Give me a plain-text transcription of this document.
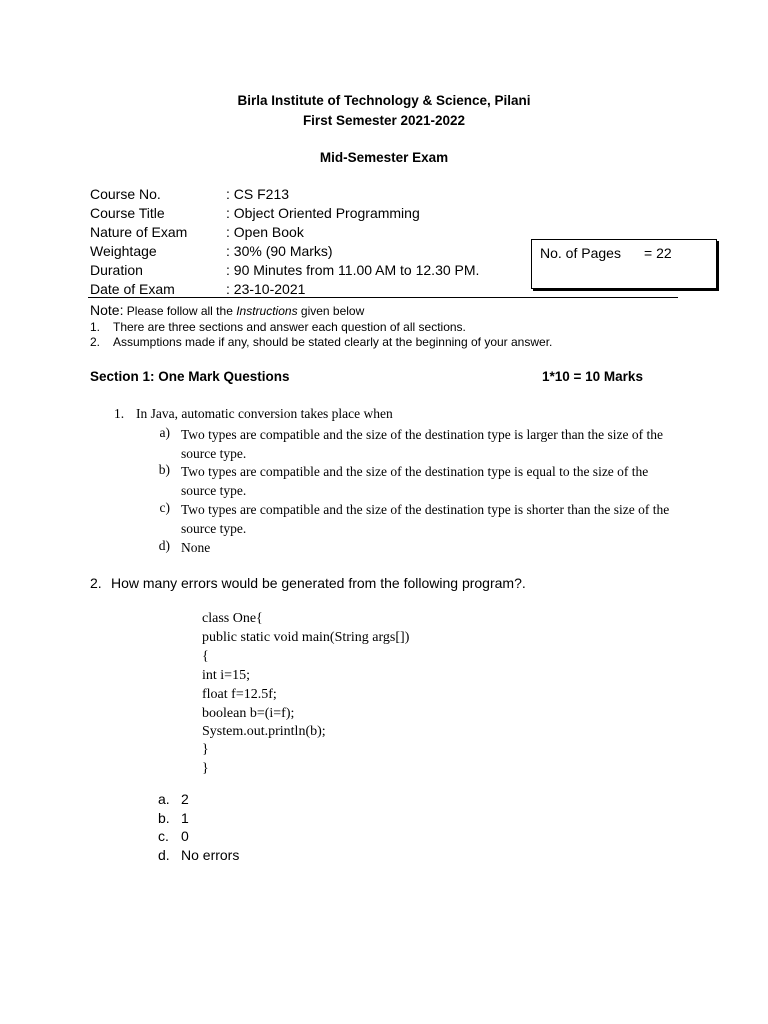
Birla Institute of Technology & Science, Pilani
First Semester 2021-2022
Mid-Semester Exam
Course No.	: CS F213
Course Title	: Object Oriented Programming
Nature of Exam	: Open Book
Weightage	: 30% (90 Marks)
Duration	: 90 Minutes from 11.00 AM to 12.30 PM.
Date of Exam	: 23-10-2021
No. of Pages = 22
Note: Please follow all the Instructions given below
1. There are three sections and answer each question of all sections.
2. Assumptions made if any, should be stated clearly at the beginning of your answer.
Section 1: One Mark Questions	1*10 = 10 Marks
1. In Java, automatic conversion takes place when
a) Two types are compatible and the size of the destination type is larger than the size of the source type.
b) Two types are compatible and the size of the destination type is equal to the size of the source type.
c) Two types are compatible and the size of the destination type is shorter than the size of the source type.
d) None
2. How many errors would be generated from the following program?.
class One{
public static void main(String args[])
{
int i=15;
float f=12.5f;
boolean b=(i=f);
System.out.println(b);
}
}
a. 2
b. 1
c. 0
d. No errors
